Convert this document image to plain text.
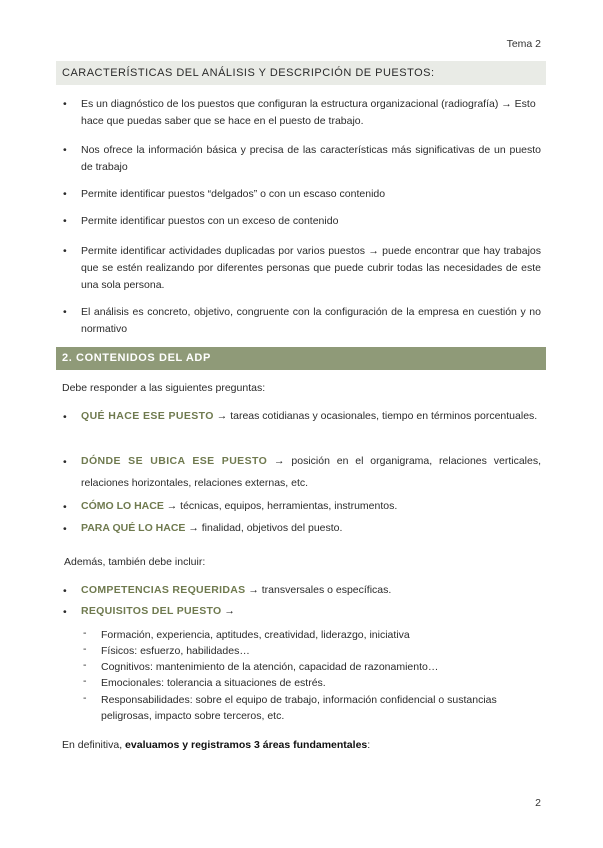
Tema 2
CARACTERÍSTICAS DEL ANÁLISIS Y DESCRIPCIÓN DE PUESTOS:
• Es un diagnóstico de los puestos que configuran la estructura organizacional (radiografía) → Esto hace que puedas saber que se hace en el puesto de trabajo.
• Nos ofrece la información básica y precisa de las características más significativas de un puesto de trabajo
• Permite identificar puestos “delgados” o con un escaso contenido
• Permite identificar puestos con un exceso de contenido
• Permite identificar actividades duplicadas por varios puestos → puede encontrar que hay trabajos que se estén realizando por diferentes personas que puede cubrir todas las necesidades de este una sola persona.
• El análisis es concreto, objetivo, congruente con la configuración de la empresa en cuestión y no normativo
2. CONTENIDOS DEL ADP
Debe responder a las siguientes preguntas:
• QUÉ HACE ESE PUESTO → tareas cotidianas y ocasionales, tiempo en términos porcentuales.
• DÓNDE SE UBICA ESE PUESTO → posición en el organigrama, relaciones verticales, relaciones horizontales, relaciones externas, etc.
• CÓMO LO HACE → técnicas, equipos, herramientas, instrumentos.
• PARA QUÉ LO HACE → finalidad, objetivos del puesto.
Además, también debe incluir:
• COMPETENCIAS REQUERIDAS → transversales o específicas.
• REQUISITOS DEL PUESTO →
- Formación, experiencia, aptitudes, creatividad, liderazgo, iniciativa
- Físicos: esfuerzo, habilidades…
- Cognitivos: mantenimiento de la atención, capacidad de razonamiento…
- Emocionales: tolerancia a situaciones de estrés.
- Responsabilidades: sobre el equipo de trabajo, información confidencial o sustancias peligrosas, impacto sobre terceros, etc.
En definitiva, evaluamos y registramos 3 áreas fundamentales:
2
